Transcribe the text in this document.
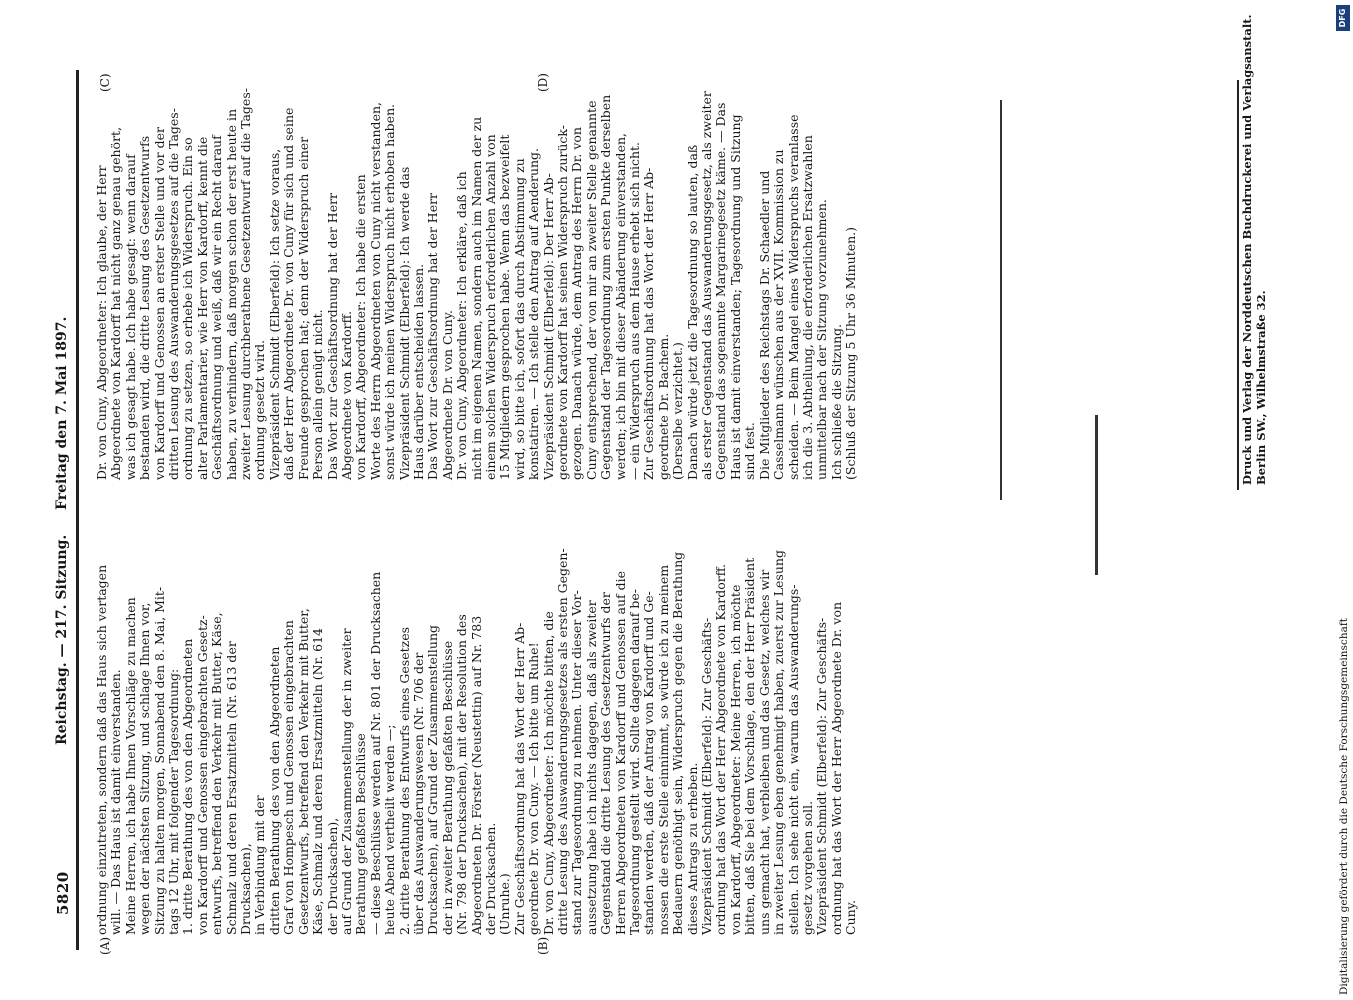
5820
Reichstag. — 217. Sitzung.
Freitag den 7. Mai 1897.
(A)	(B)
(C)	(D)
ordnung einzutreten, sondern daß das Haus sich vertagen will. — Das Haus ist damit einverstanden. Meine Herren, ich habe Ihnen Vorschläge zu machen wegen der nächsten Sitzung, und schlage Ihnen vor, Sitzung zu halten morgen, Sonnabend den 8. Mai, Mit- tags 12 Uhr, mit folgender Tagesordnung: 1. dritte Berathung des von den Abgeordneten von Kardorff und Genossen eingebrachten Gesetz- entwurfs, betreffend den Verkehr mit Butter, Käse, Schmalz und deren Ersatzmitteln (Nr. 613 der Drucksachen), in Verbindung mit der dritten Berathung des von den Abgeordneten Graf von Hompesch und Genossen eingebrachten Gesetzentwurfs, betreffend den Verkehr mit Butter, Käse, Schmalz und deren Ersatzmitteln (Nr. 614 der Drucksachen), auf Grund der Zusammenstellung der in zweiter Berathung gefaßten Beschlüsse — diese Beschlüsse werden auf Nr. 801 der Drucksachen heute Abend vertheilt werden —; 2. dritte Berathung des Entwurfs eines Gesetzes über das Auswanderungswesen (Nr. 706 der Drucksachen), auf Grund der Zusammenstellung der in zweiter Berathung gefaßten Beschlüsse (Nr. 798 der Drucksachen), mit der Resolution des Abgeordneten Dr. Förster (Neustettin) auf Nr. 783 der Drucksachen. (Unruhe.) Zur Geschäftsordnung hat das Wort der Herr Ab- geordnete Dr. von Cuny. — Ich bitte um Ruhe! Dr. von Cuny, Abgeordneter: Ich möchte bitten, die dritte Lesung des Auswanderungsgesetzes als ersten Gegen- stand zur Tagesordnung zu nehmen. Unter dieser Vor- aussetzung habe ich nichts dagegen, daß als zweiter Gegenstand die dritte Lesung des Gesetzentwurfs der Herren Abgeordneten von Kardorff und Genossen auf die Tagesordnung gestellt wird. Sollte dagegen darauf be- standen werden, daß der Antrag von Kardorff und Ge- nossen die erste Stelle einnimmt, so würde ich zu meinem Bedauern genöthigt sein, Widerspruch gegen die Berathung dieses Antrags zu erheben. Vizepräsident Schmidt (Elberfeld): Zur Geschäfts- ordnung hat das Wort der Herr Abgeordnete von Kardorff. von Kardorff, Abgeordneter: Meine Herren, ich möchte bitten, daß Sie bei dem Vorschlage, den der Herr Präsident uns gemacht hat, verbleiben und das Gesetz, welches wir in zweiter Lesung eben genehmigt haben, zuerst zur Lesung stellen. Ich sehe nicht ein, warum das Auswanderungs- gesetz vorgehen soll. Vizepräsident Schmidt (Elberfeld): Zur Geschäfts- ordnung hat das Wort der Herr Abgeordnete Dr. von Cuny.
Dr. von Cuny, Abgeordneter: Ich glaube, der Herr Abgeordnete von Kardorff hat nicht ganz genau gehört, was ich gesagt habe. Ich habe gesagt: wenn darauf bestanden wird, die dritte Lesung des Gesetzentwurfs von Kardorff und Genossen an erster Stelle und vor der dritten Lesung des Auswanderungsgesetzes auf die Tages- ordnung zu setzen, so erhebe ich Widerspruch. Ein so alter Parlamentarier, wie Herr von Kardorff, kennt die Geschäftsordnung und weiß, daß wir ein Recht darauf haben, zu verhindern, daß morgen schon der erst heute in zweiter Lesung durchberathene Gesetzentwurf auf die Tages- ordnung gesetzt wird. Vizepräsident Schmidt (Elberfeld): Ich setze voraus, daß der Herr Abgeordnete Dr. von Cuny für sich und seine Freunde gesprochen hat; denn der Widerspruch einer Person allein genügt nicht. Das Wort zur Geschäftsordnung hat der Herr Abgeordnete von Kardorff. von Kardorff, Abgeordneter: Ich habe die ersten Worte des Herrn Abgeordneten von Cuny nicht verstanden, sonst würde ich meinen Widerspruch nicht erhoben haben. Vizepräsident Schmidt (Elberfeld): Ich werde das Haus darüber entscheiden lassen. Das Wort zur Geschäftsordnung hat der Herr Abgeordnete Dr. von Cuny. Dr. von Cuny, Abgeordneter: Ich erkläre, daß ich nicht im eigenen Namen, sondern auch im Namen der zu einem solchen Widerspruch erforderlichen Anzahl von 15 Mitgliedern gesprochen habe. Wenn das bezweifelt wird, so bitte ich, sofort das durch Abstimmung zu konstatiren. — Ich stelle den Antrag auf Aenderung. Vizepräsident Schmidt (Elberfeld): Der Herr Ab- geordnete von Kardorff hat seinen Widerspruch zurück- gezogen. Danach würde, dem Antrag des Herrn Dr. von Cuny entsprechend, der von mir an zweiter Stelle genannte Gegenstand der Tagesordnung zum ersten Punkte derselben werden; ich bin mit dieser Abänderung einverstanden, — ein Widerspruch aus dem Hause erhebt sich nicht. Zur Geschäftsordnung hat das Wort der Herr Ab- geordnete Dr. Bachem. (Derselbe verzichtet.) Danach würde jetzt die Tagesordnung so lauten, daß als erster Gegenstand das Auswanderungsgesetz, als zweiter Gegenstand das sogenannte Margarinegesetz käme. — Das Haus ist damit einverstanden; Tagesordnung und Sitzung sind fest. Die Mitglieder des Reichstags Dr. Schaedler und Casselmann wünschen aus der XVII. Kommission zu scheiden. — Beim Mangel eines Widerspruchs veranlasse ich die 3. Abtheilung, die erforderlichen Ersatzwahlen unmittelbar nach der Sitzung vorzunehmen. Ich schließe die Sitzung. (Schluß der Sitzung 5 Uhr 36 Minuten.)	Druck und Verlag der Norddeutschen Buchdruckerei und Verlagsanstalt. Berlin SW., Wilhelmstraße 32.
Digitalisierung gefördert durch die Deutsche Forschungsgemeinschaft
DFG
